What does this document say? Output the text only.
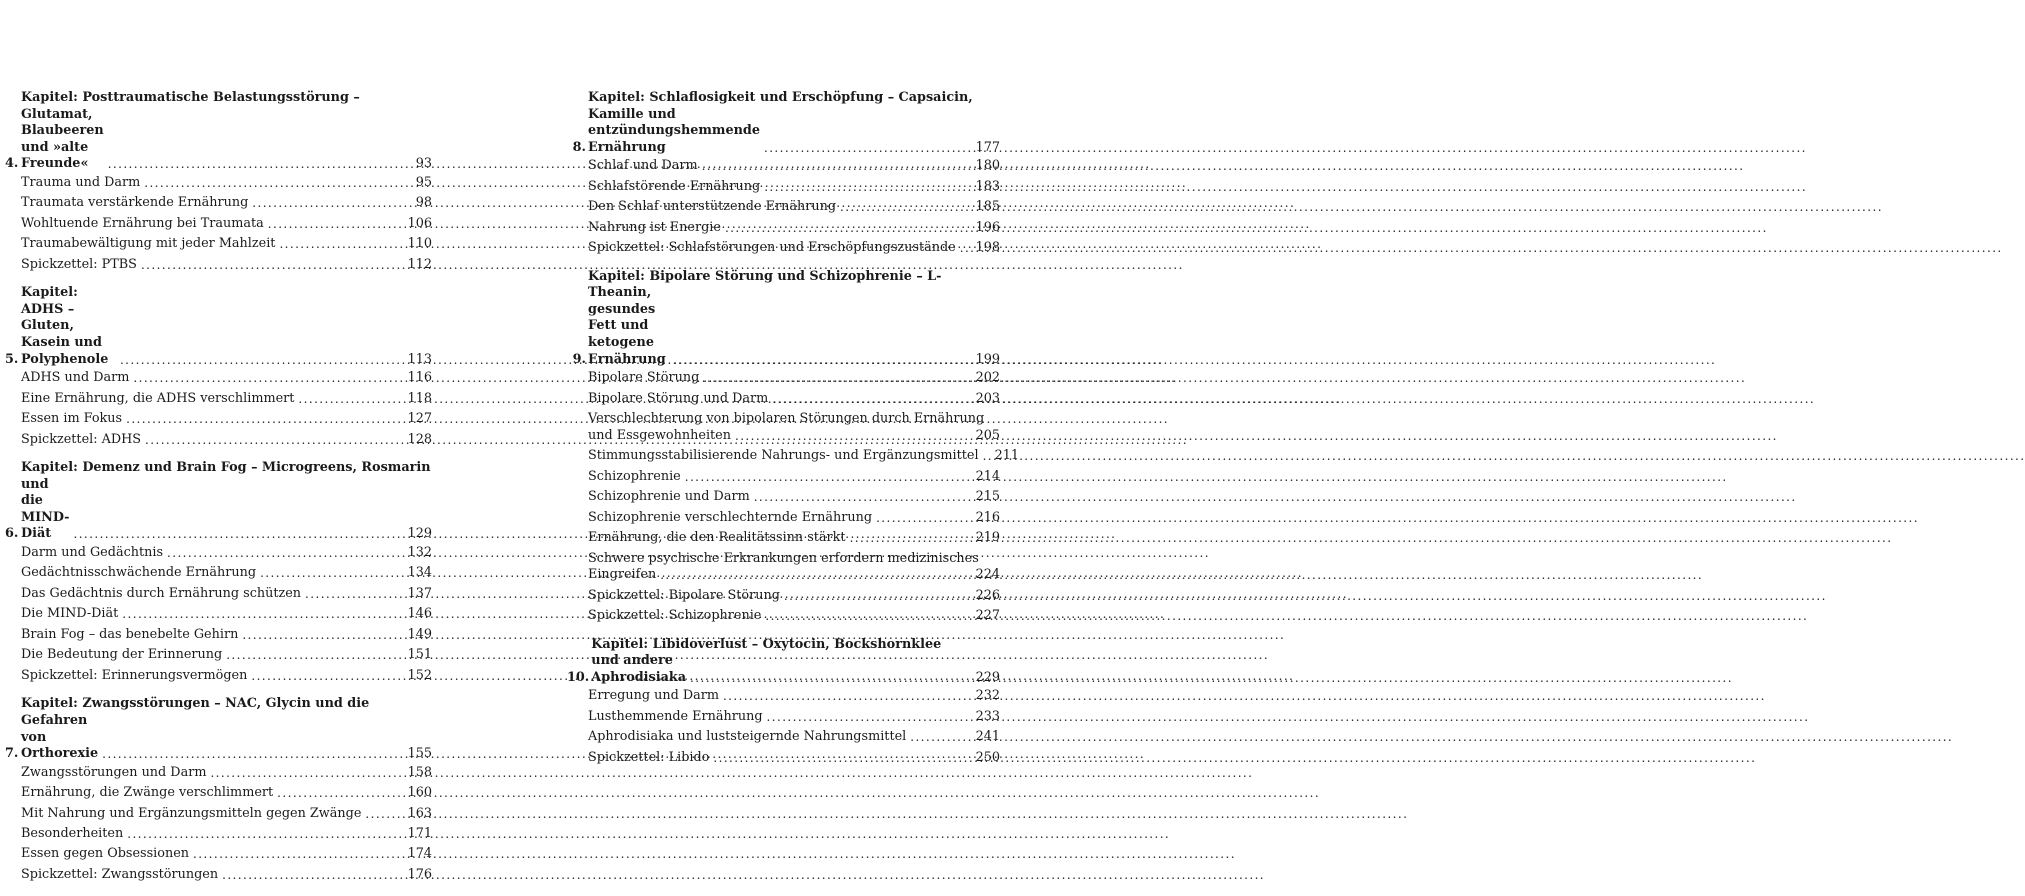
4.
Kapitel: Posttraumatische Belastungsstörung – Glutamat,
Blaubeeren und »alte Freunde« .....	93
Trauma und Darm .....	95
Traumata verstärkende Ernährung .....	98
Wohltuende Ernährung bei Traumata .....	106
Traumabewältigung mit jeder Mahlzeit .....	110
Spickzettel: PTBS .....	112
5.
Kapitel: ADHS – Gluten, Kasein und Polyphenole .....	113
ADHS und Darm .....	116
Eine Ernährung, die ADHS verschlimmert .....	118
Essen im Fokus .....	127
Spickzettel: ADHS .....	128
6.
Kapitel: Demenz und Brain Fog – Microgreens, Rosmarin
und die MIND-Diät .....	129
Darm und Gedächtnis .....	132
Gedächtnisschwächende Ernährung .....	134
Das Gedächtnis durch Ernährung schützen .....	137
Die MIND-Diät .....	146
Brain Fog – das benebelte Gehirn .....	149
Die Bedeutung der Erinnerung .....	151
Spickzettel: Erinnerungsvermögen .....	152
7.
Kapitel: Zwangsstörungen – NAC, Glycin und die Gefahren
von Orthorexie .....	155
Zwangsstörungen und Darm .....	158
Ernährung, die Zwänge verschlimmert .....	160
Mit Nahrung und Ergänzungsmitteln gegen Zwänge .....	163
Besonderheiten .....	171
Essen gegen Obsessionen .....	174
Spickzettel: Zwangsstörungen .....	176
8.
Kapitel: Schlaflosigkeit und Erschöpfung – Capsaicin,
Kamille und entzündungshemmende Ernährung .....	177
Schlaf und Darm .....	180
Schlafstörende Ernährung .....	183
Den Schlaf unterstützende Ernährung .....	185
Nahrung ist Energie .....	196
Spickzettel: Schlafstörungen und Erschöpfungszustände ..... 198
9.
Kapitel: Bipolare Störung und Schizophrenie – L-Theanin,
gesundes Fett und ketogene Ernährung .....	199
Bipolare Störung .....	202
Bipolare Störung und Darm .....	203
Verschlechterung von bipolaren Störungen durch Ernährung
und Essgewohnheiten .....	205
Stimmungsstabilisierende Nahrungs- und Ergänzungsmittel ..... 211
Schizophrenie .....	214
Schizophrenie und Darm .....	215
Schizophrenie verschlechternde Ernährung .....	216
Ernährung, die den Realitätssinn stärkt .....	219
Schwere psychische Erkrankungen erfordern medizinisches
Eingreifen .....	224
Spickzettel: Bipolare Störung .....	226
Spickzettel: Schizophrenie .....	227
10.
Kapitel: Libidoverlust – Oxytocin, Bockshornklee
und andere Aphrodisiaka .....	229
Erregung und Darm .....	232
Lusthemmende Ernährung .....	233
Aphrodisiaka und luststeigernde Nahrungsmittel .....	241
Spickzettel: Libido .....	250
